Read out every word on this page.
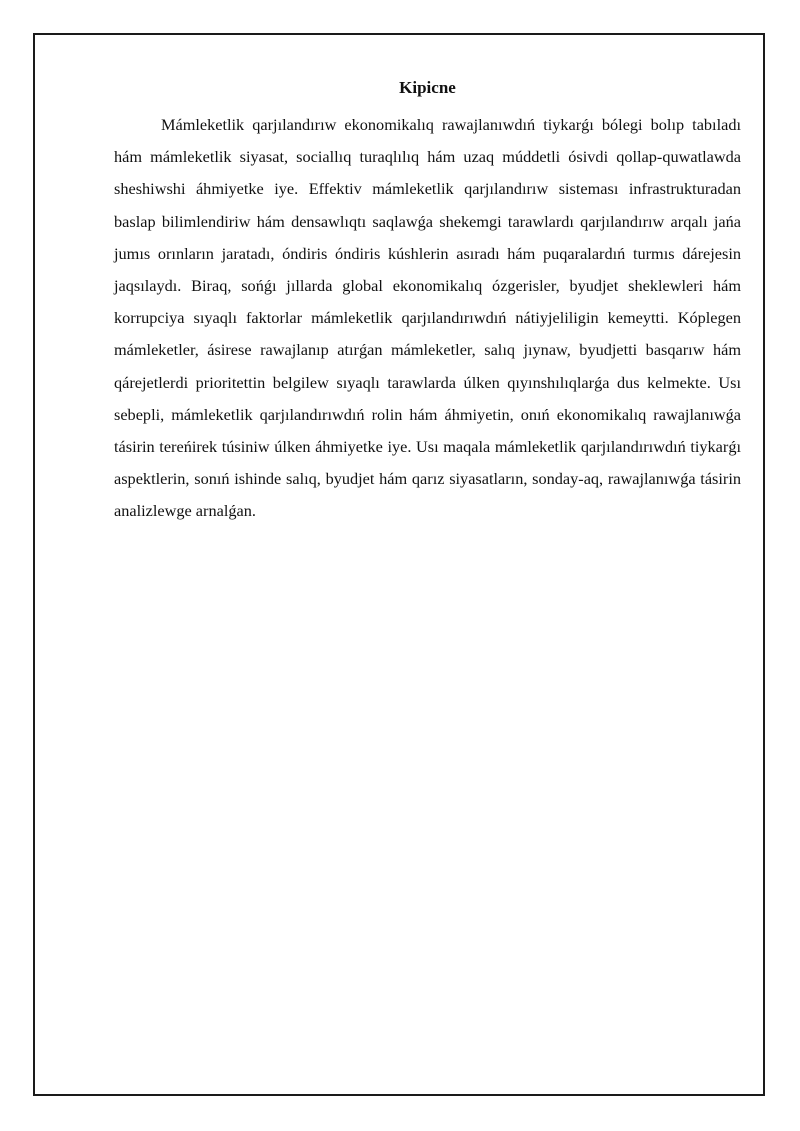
Kipiсne

Mámleketlik qarjılandırıw ekonomikalıq rawajlanıwdıń tiykarǵı bólegi bolıp tabıladı hám mámleketlik siyasat, sociallıq turaqlılıq hám uzaq múddetli ósivdi qollap-quwatlawda sheshiwshi áhmiyetke iye. Effektiv mámleketlik qarjılandırıw sisteması infrastrukturadan baslap bilimlendiriw hám densawlıqtı saqlawǵa shekemgi tarawlardı qarjılandırıw arqalı jańa jumıs orınların jaratadı, óndiris óndiris kúshlerin asıradı hám puqaralardıń turmıs dárejesin jaqsılaydı. Biraq, sońǵı jıllarda global ekonomikalıq ózgerisler, byudjet sheklewleri hám korrupciya sıyaqlı faktorlar mámleketlik qarjılandırıwdıń nátiyjeliligin kemeytti. Kóplegen mámleketler, ásirese rawajlanıp atırǵan mámleketler, salıq jıynaw, byudjetti basqarıw hám qárejetlerdi prioritettin belgilew sıyaqlı tarawlarda úlken qıyınshılıqlarǵa dus kelmekte. Usı sebepli, mámleketlik qarjılandırıwdıń rolin hám áhmiyetin, onıń ekonomikalıq rawajlanıwǵa tásirin tereńirek túsiniw úlken áhmiyetke iye. Usı maqala mámleketlik qarjılandırıwdıń tiykarǵı aspektlerin, sonıń ishinde salıq, byudjet hám qarız siyasatların, sonday-aq, rawajlanıwǵa tásirin analizlewge arnalǵan.
